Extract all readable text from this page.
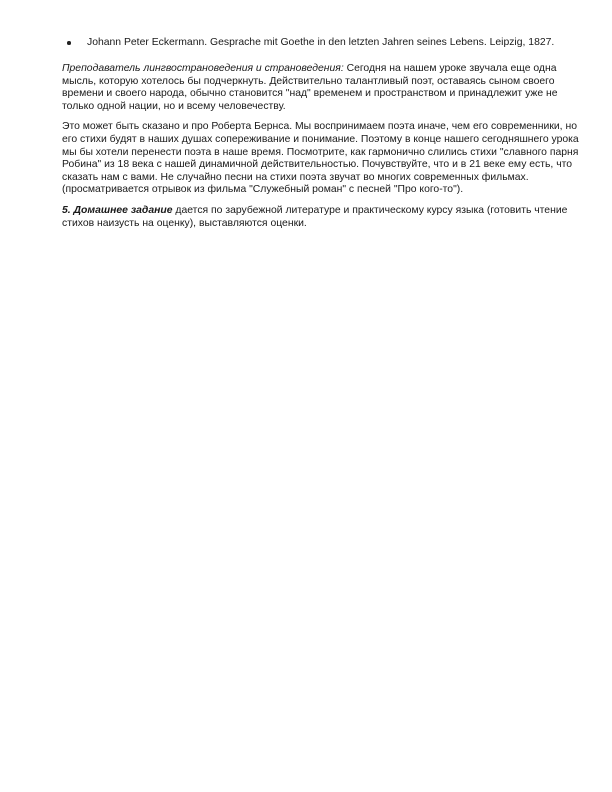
Johann Peter Eckermann. Gesprache mit Goethe in den letzten Jahren seines Lebens. Leipzig, 1827.

Преподаватель лингвострановедения и страноведения: Сегодня на нашем уроке звучала еще одна мысль, которую хотелось бы подчеркнуть. Действительно талантливый поэт, оставаясь сыном своего времени и своего народа, обычно становится "над" временем и пространством и принадлежит уже не только одной нации, но и всему человечеству.

Это может быть сказано и про Роберта Бернса. Мы воспринимаем поэта иначе, чем его современники, но его стихи будят в наших душах сопереживание и понимание. Поэтому в конце нашего сегодняшнего урока мы бы хотели перенести поэта в наше время. Посмотрите, как гармонично слились стихи "славного парня Робина" из 18 века с нашей динамичной действительностью. Почувствуйте, что и в 21 веке ему есть, что сказать нам с вами. Не случайно песни на стихи поэта звучат во многих современных фильмах.(просматривается отрывок из фильма "Служебный роман" с песней "Про кого-то").

5. Домашнее задание дается по зарубежной литературе и практическому курсу языка (готовить чтение стихов наизусть на оценку), выставляются оценки.
